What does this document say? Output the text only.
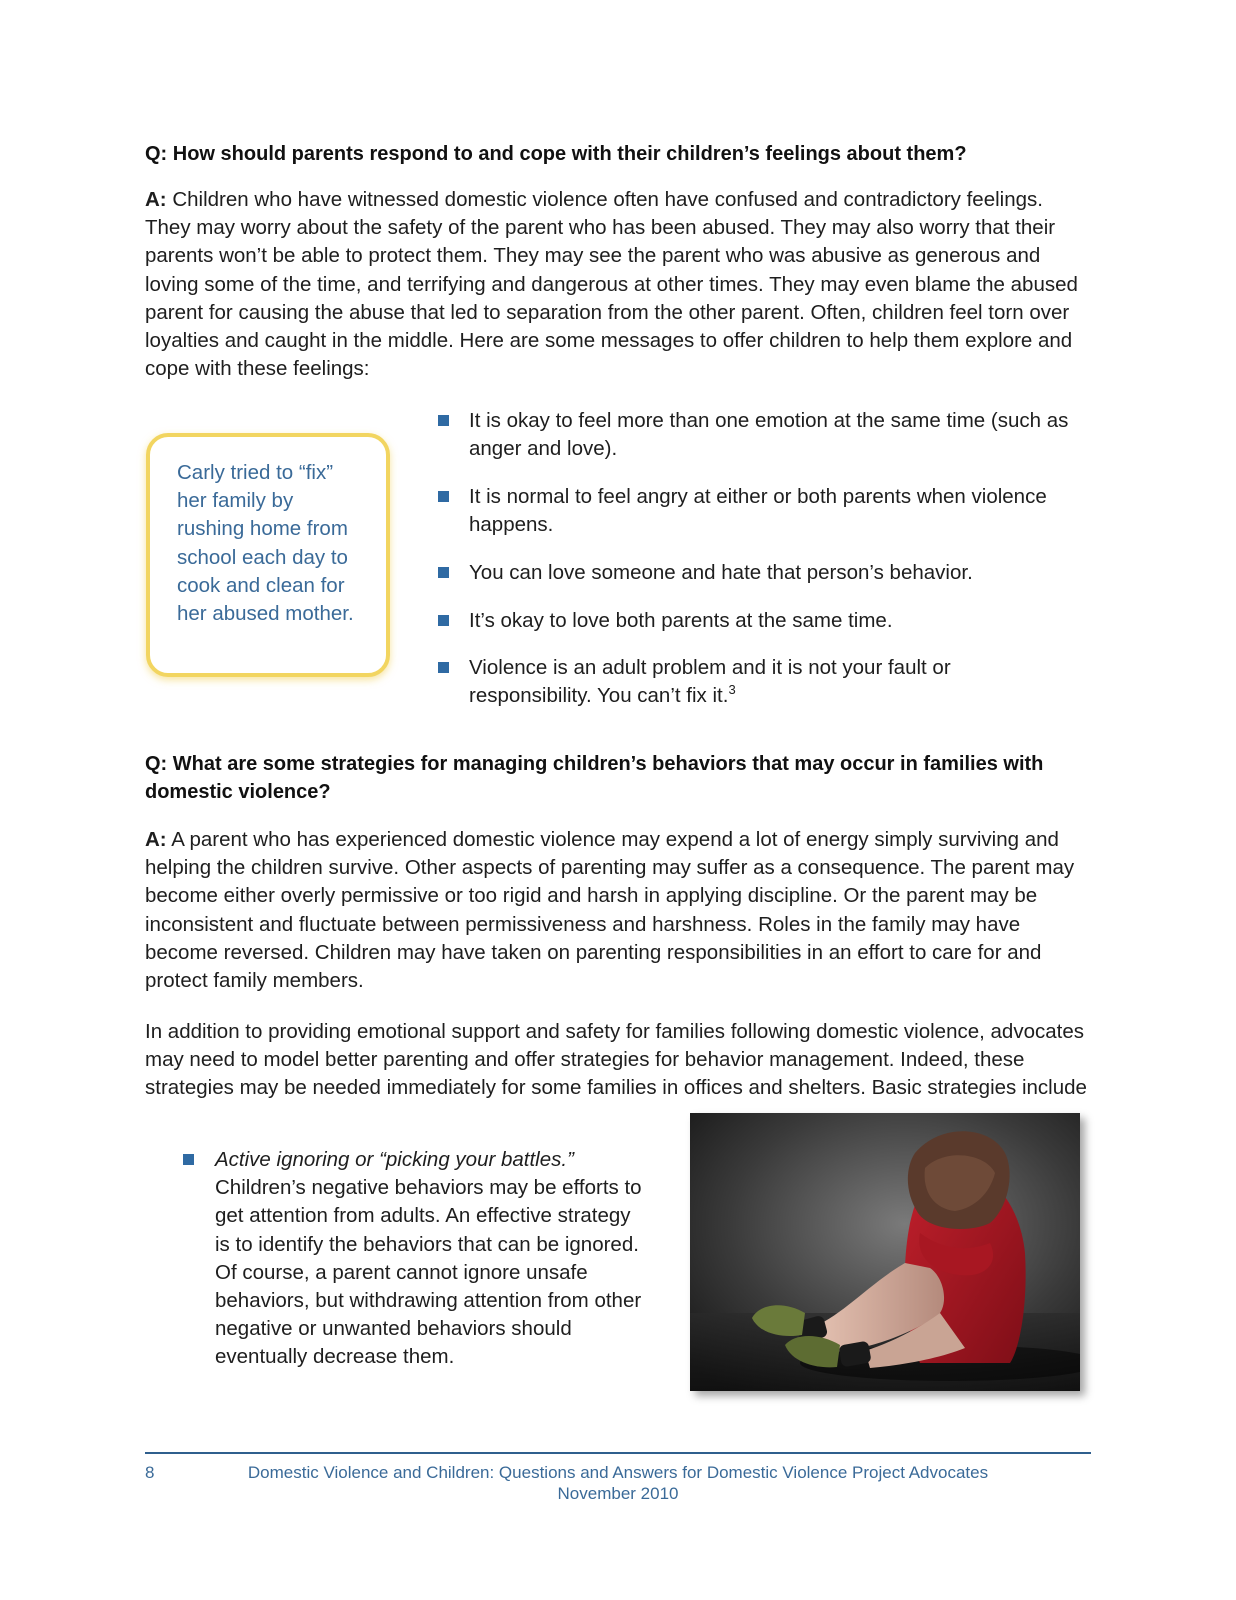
Q: How should parents respond to and cope with their children’s feelings about them?
A: Children who have witnessed domestic violence often have confused and contradictory feelings. They may worry about the safety of the parent who has been abused. They may also worry that their parents won’t be able to protect them. They may see the parent who was abusive as generous and loving some of the time, and terrifying and dangerous at other times. They may even blame the abused parent for causing the abuse that led to separation from the other parent. Often, children feel torn over loyalties and caught in the middle. Here are some messages to offer children to help them explore and cope with these feelings:

Carly tried to “fix” her family by rushing home from school each day to cook and clean for her abused mother.

It is okay to feel more than one emotion at the same time (such as anger and love).
It is normal to feel angry at either or both parents when violence happens.
You can love someone and hate that person’s behavior.
It’s okay to love both parents at the same time.
Violence is an adult problem and it is not your fault or responsibility. You can’t fix it.$^3$
Q: What are some strategies for managing children’s behaviors that may occur in families with domestic violence?
A: A parent who has experienced domestic violence may expend a lot of energy simply surviving and helping the children survive. Other aspects of parenting may suffer as a consequence. The parent may become either overly permissive or too rigid and harsh in applying discipline. Or the parent may be inconsistent and fluctuate between permissiveness and harshness. Roles in the family may have become reversed. Children may have taken on parenting responsibilities in an effort to care for and protect family members.
In addition to providing emotional support and safety for families following domestic violence, advocates may need to model better parenting and offer strategies for behavior management. Indeed, these strategies may be needed immediately for some families in offices and shelters. Basic strategies include
Active ignoring or “picking your battles.” Children’s negative behaviors may be efforts to get attention from adults. An effective strategy is to identify the behaviors that can be ignored. Of course, a parent cannot ignore unsafe behaviors, but withdrawing attention from other negative or unwanted behaviors should eventually decrease them.
8	Domestic Violence and Children: Questions and Answers for Domestic Violence Project Advocates
November 2010
